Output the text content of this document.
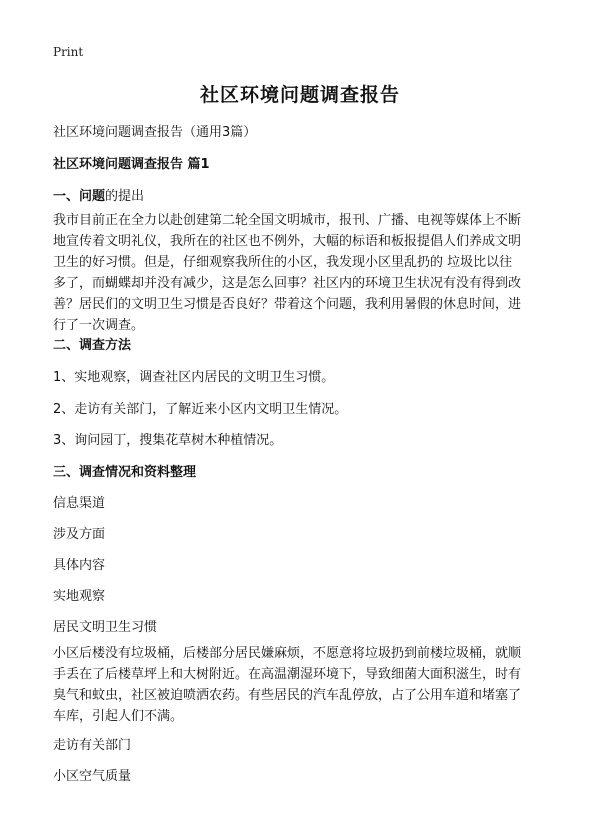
Print
社区环境问题调查报告
社区环境问题调查报告（通用3篇）
社区环境问题调查报告 篇1
一、问题的提出
我市目前正在全力以赴创建第二轮全国文明城市，报刊、广播、电视等媒体上不断
地宣传着文明礼仪，我所在的社区也不例外，大幅的标语和板报提倡人们养成文明
卫生的好习惯。但是，仔细观察我所住的小区，我发现小区里乱扔的 垃圾比以往
多了，而蝴蝶却并没有减少，这是怎么回事？社区内的环境卫生状况有没有得到改
善？居民们的文明卫生习惯是否良好？带着这个问题，我利用暑假的休息时间，进
行了一次调查。
二、调查方法
1、实地观察，调查社区内居民的文明卫生习惯。
2、走访有关部门，了解近来小区内文明卫生情况。
3、询问园丁，搜集花草树木种植情况。
三、调查情况和资料整理
信息渠道
涉及方面
具体内容
实地观察
居民文明卫生习惯
小区后楼没有垃圾桶，后楼部分居民嫌麻烦，不愿意将垃圾扔到前楼垃圾桶，就顺
手丢在了后楼草坪上和大树附近。在高温潮湿环境下，导致细菌大面积滋生，时有
臭气和蚊虫，社区被迫喷洒农药。有些居民的汽车乱停放，占了公用车道和堵塞了
车库，引起人们不满。
走访有关部门
小区空气质量
